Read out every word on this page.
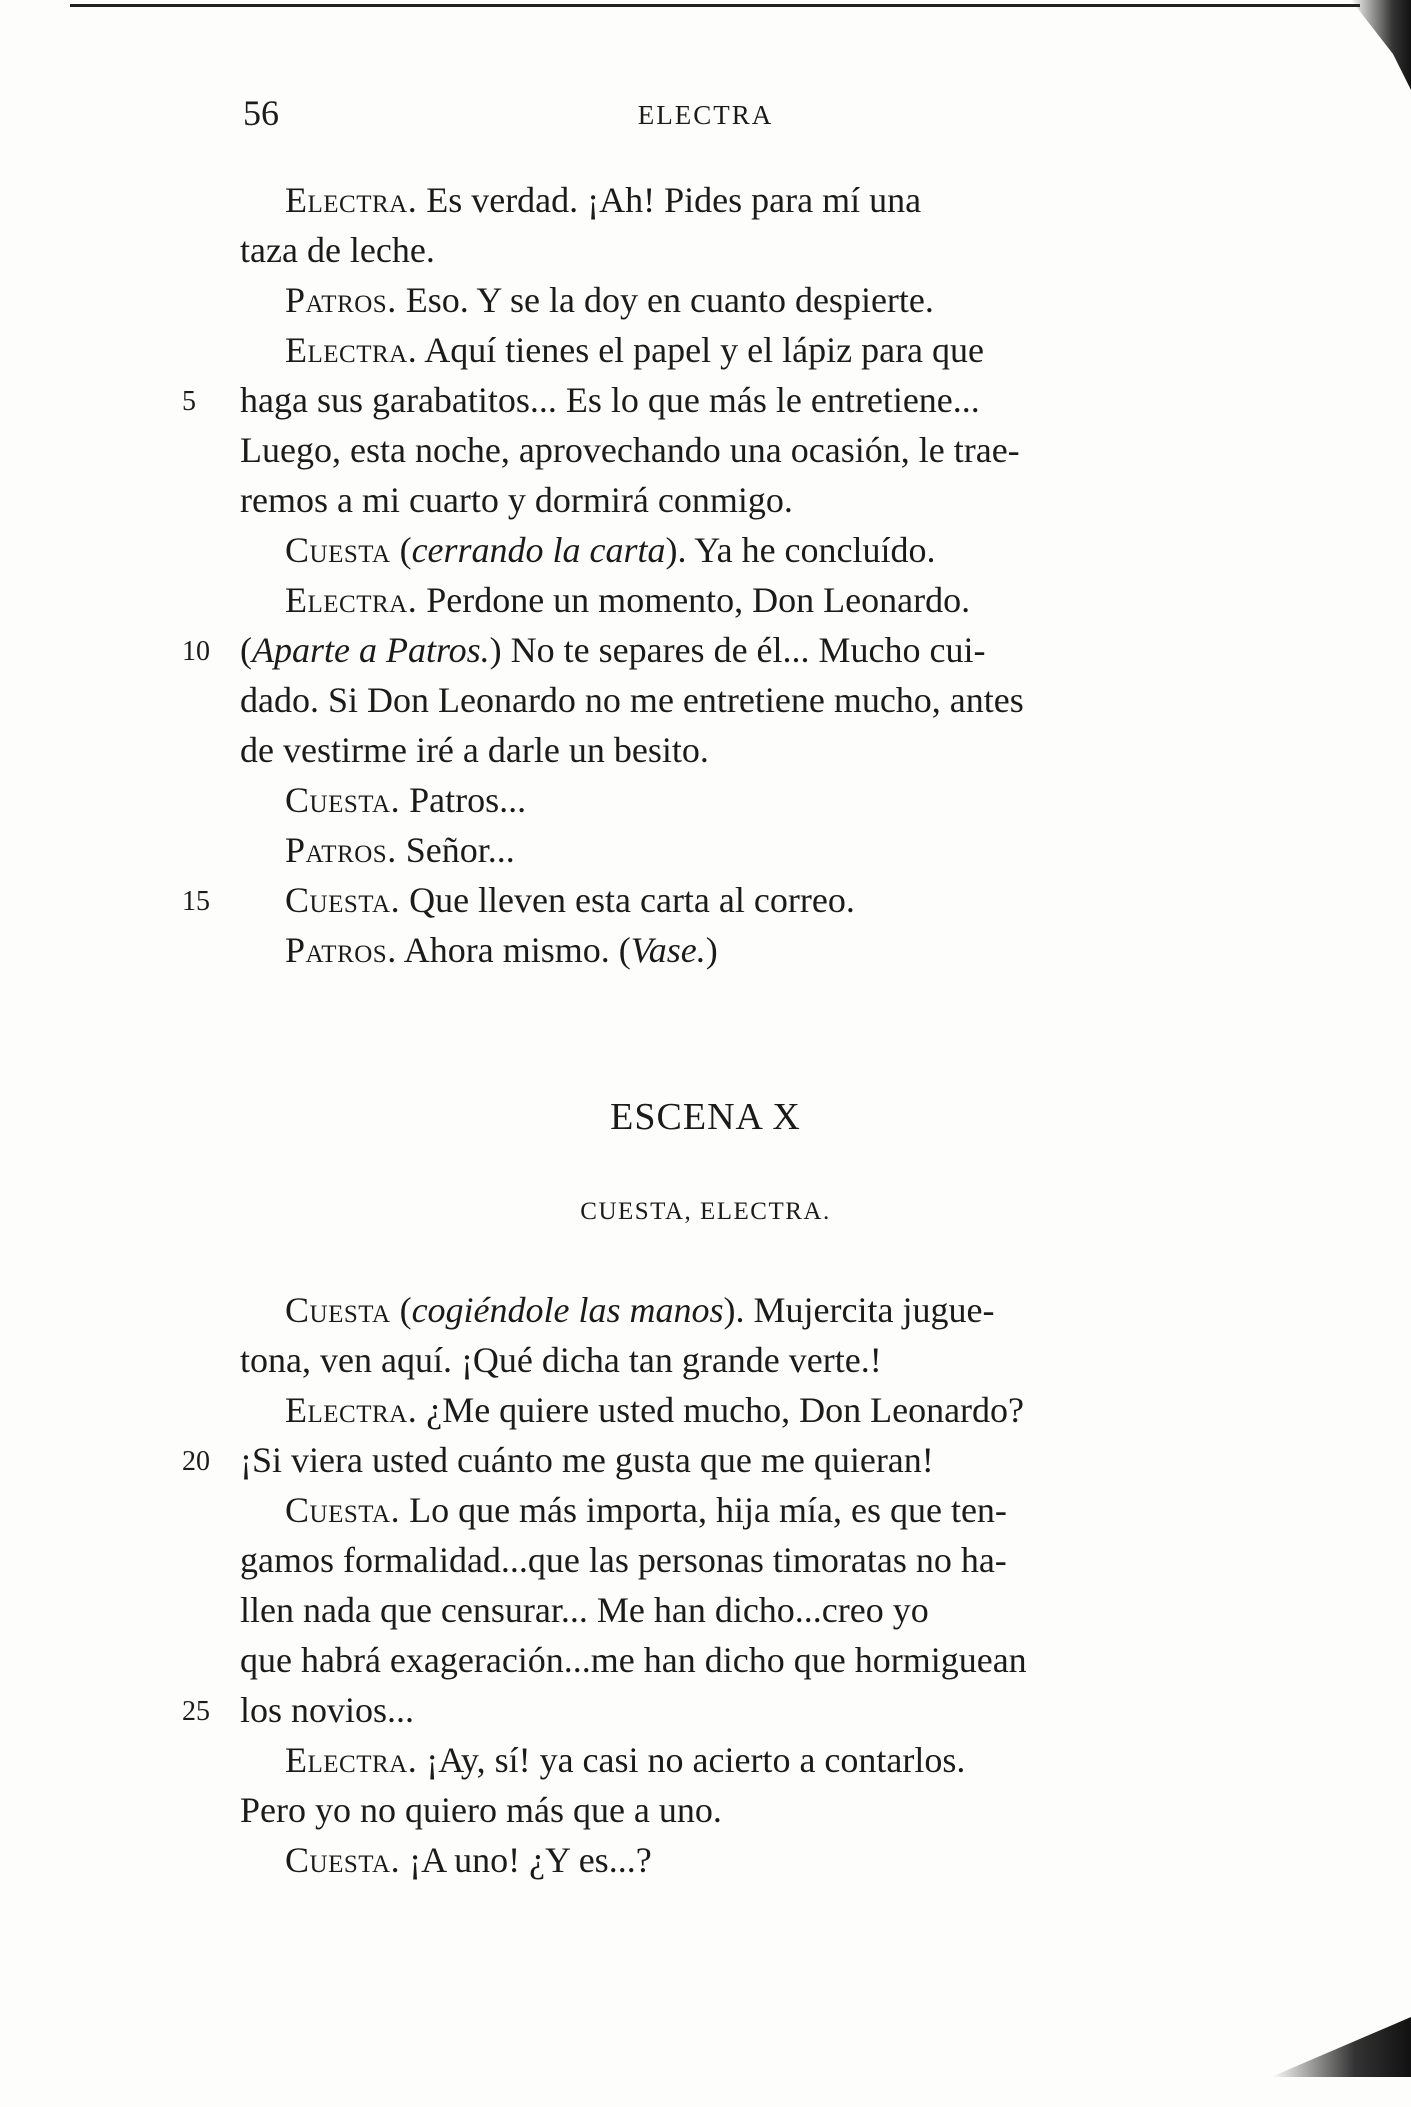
56	ELECTRA
Electra. Es verdad. ¡Ah! Pides para mí una
taza de leche.
Patros. Eso. Y se la doy en cuanto despierte.
Electra. Aquí tienes el papel y el lápiz para que
5	haga sus garabatitos... Es lo que más le entretiene...
Luego, esta noche, aprovechando una ocasión, le trae-
remos a mi cuarto y dormirá conmigo.
Cuesta (cerrando la carta). Ya he concluído.
Electra. Perdone un momento, Don Leonardo.
10 (Aparte a Patros.) No te separes de él... Mucho cui-
dado. Si Don Leonardo no me entretiene mucho, antes
de vestirme iré a darle un besito.
Cuesta. Patros...
Patros. Señor...
15	Cuesta. Que lleven esta carta al correo.
Patros. Ahora mismo. (Vase.)
ESCENA X
CUESTA, ELECTRA.
Cuesta (cogiéndole las manos). Mujercita jugue-
tona, ven aquí. ¡Qué dicha tan grande verte.!
Electra. ¿Me quiere usted mucho, Don Leonardo?
20 ¡Si viera usted cuánto me gusta que me quieran!
Cuesta. Lo que más importa, hija mía, es que ten-
gamos formalidad...que las personas timoratas no ha-
llen nada que censurar... Me han dicho...creo yo
que habrá exageración...me han dicho que hormiguean
25 los novios...
Electra. ¡Ay, sí! ya casi no acierto a contarlos.
Pero yo no quiero más que a uno.
Cuesta. ¡A uno! ¿Y es...?
